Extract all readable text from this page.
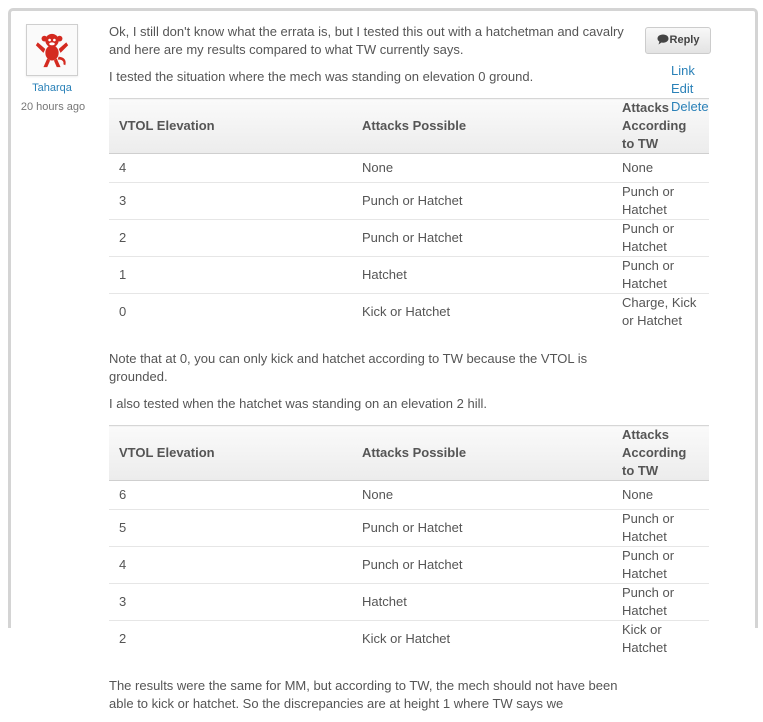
Taharqa
20 hours ago

Ok, I still don't know what the errata is, but I tested this out with a hatchetman and cavalry and here are my results compared to what TW currently says.

I tested the situation where the mech was standing on elevation 0 ground.

VTOL Elevation	Attacks Possible	Attacks According to TW
4	None	None
3	Punch or Hatchet	Punch or Hatchet
2	Punch or Hatchet	Punch or Hatchet
1	Hatchet	Punch or Hatchet
0	Kick or Hatchet	Charge, Kick or Hatchet

Note that at 0, you can only kick and hatchet according to TW because the VTOL is grounded.

I also tested when the hatchet was standing on an elevation 2 hill.

VTOL Elevation	Attacks Possible	Attacks According to TW
6	None	None
5	Punch or Hatchet	Punch or Hatchet
4	Punch or Hatchet	Punch or Hatchet
3	Hatchet	Punch or Hatchet
2	Kick or Hatchet	Kick or Hatchet

The results were the same for MM, but according to TW, the mech should not have been able to kick or hatchet. So the discrepancies are at height 1 where TW says we

Reply
Link
Edit
Delete
